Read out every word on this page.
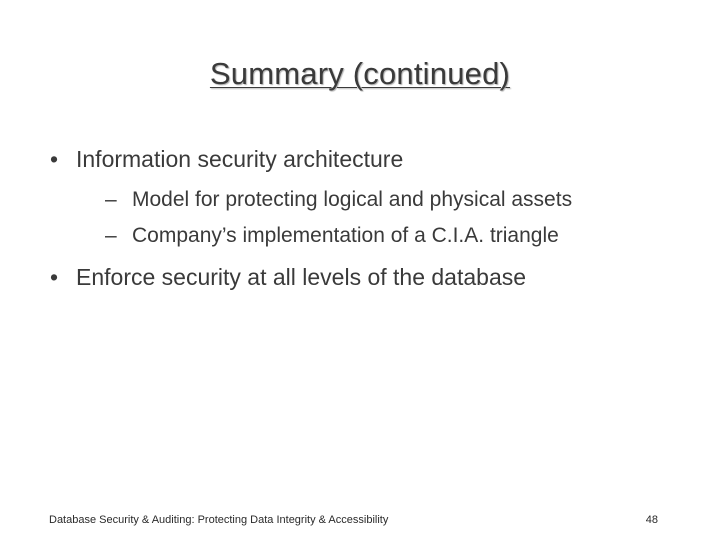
Summary (continued)
• Information security architecture
– Model for protecting logical and physical assets
– Company’s implementation of a C.I.A. triangle
• Enforce security at all levels of the database
Database Security & Auditing: Protecting Data Integrity & Accessibility	48
